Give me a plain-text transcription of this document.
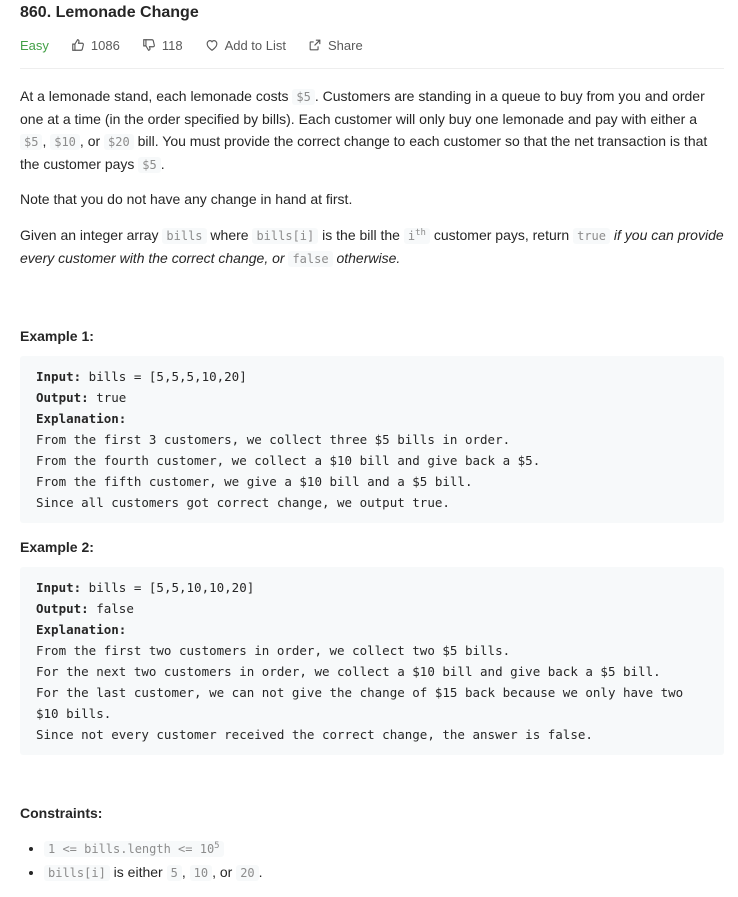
860. Lemonade Change
Easy	1086	118	Add to List	Share

At a lemonade stand, each lemonade costs $5 . Customers are standing in a queue to buy from you and order one at a time (in the order specified by bills). Each customer will only buy one lemonade and pay with either a $5 , $10 , or $20 bill. You must provide the correct change to each customer so that the net transaction is that the customer pays $5 .

Note that you do not have any change in hand at first.

Given an integer array bills where bills[i] is the bill the $i^{th}$ customer pays, return true if you can provide every customer with the correct change, or false otherwise.

Example 1:
Input: bills = [5,5,5,10,20]
Output: true
Explanation:
From the first 3 customers, we collect three $5 bills in order.
From the fourth customer, we collect a $10 bill and give back a $5.
From the fifth customer, we give a $10 bill and a $5 bill.
Since all customers got correct change, we output true.
Example 2:
Input: bills = [5,5,10,10,20]
Output: false
Explanation:
From the first two customers in order, we collect two $5 bills.
For the next two customers in order, we collect a $10 bill and give back a $5 bill.
For the last customer, we can not give the change of $15 back because we only have two $10 bills.
Since not every customer received the correct change, the answer is false.
Constraints:
• 1 <= bills.length <= $10^5$
• bills[i] is either 5 , 10 , or 20 .
